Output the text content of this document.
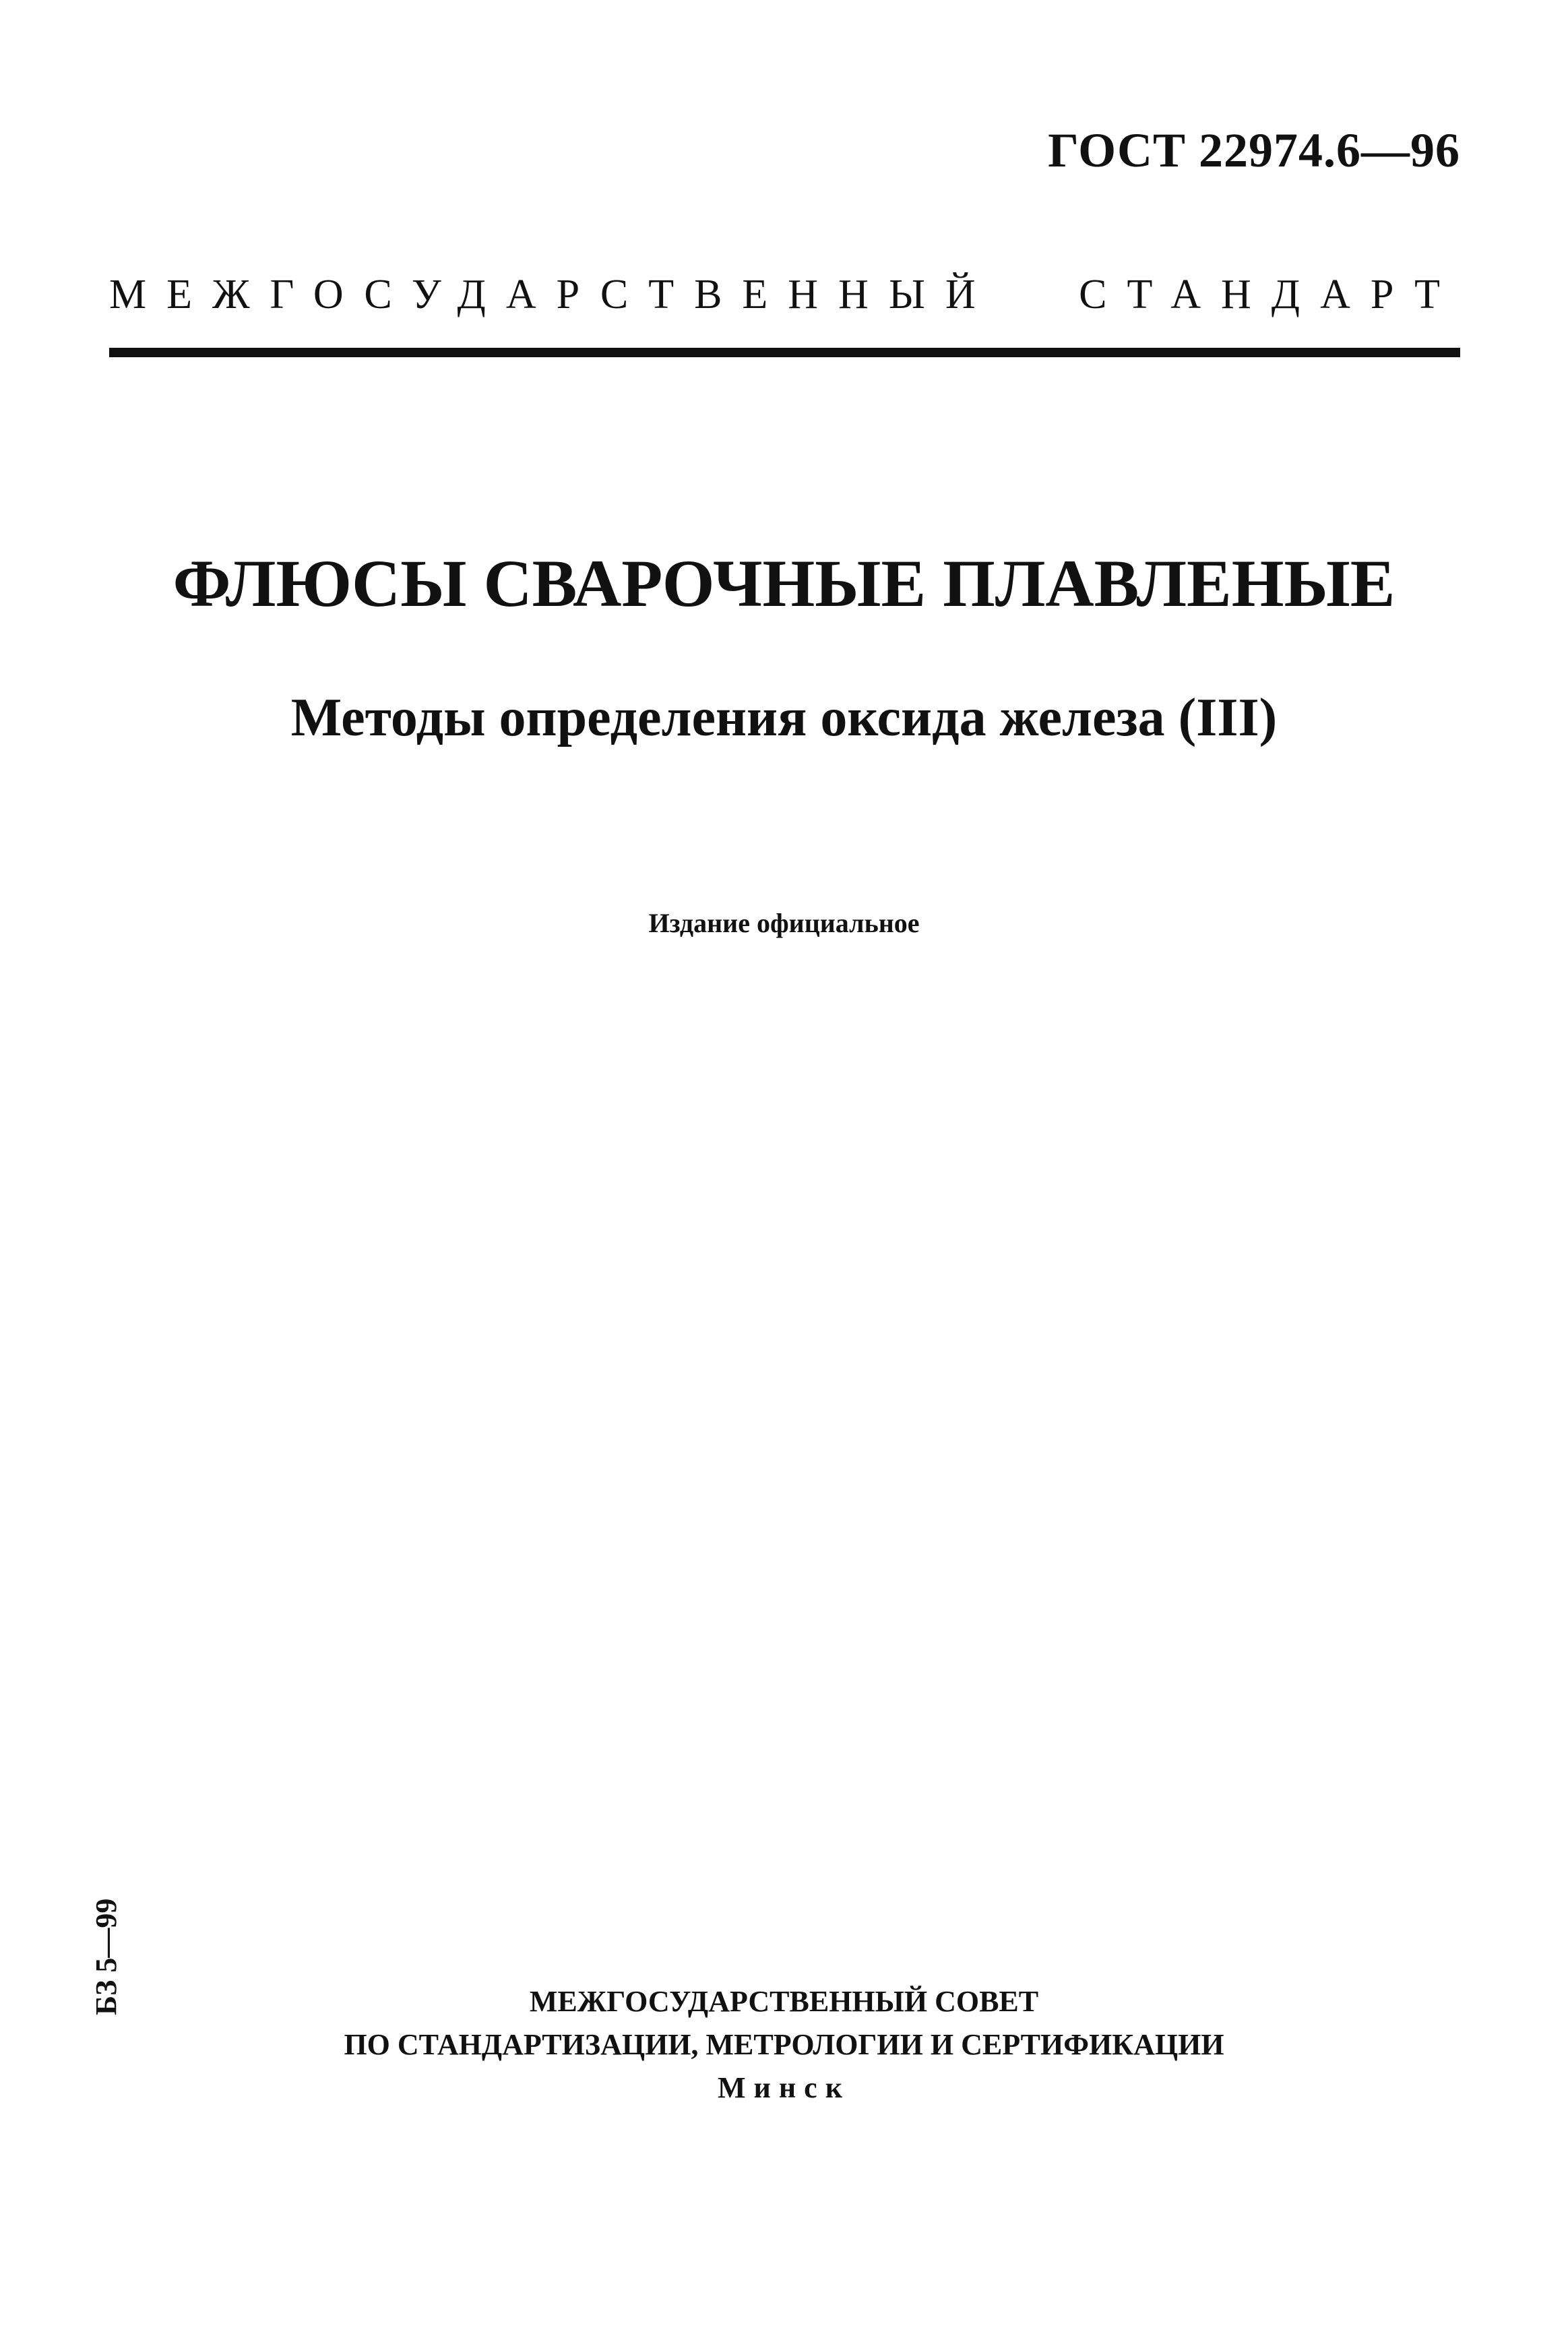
ГОСТ 22974.6—96
МЕЖГОСУДАРСТВЕННЫЙ СТАНДАРТ
ФЛЮСЫ СВАРОЧНЫЕ ПЛАВЛЕНЫЕ
Методы определения оксида железа (III)
Издание официальное
БЗ 5—99	МЕЖГОСУДАРСТВЕННЫЙ СОВЕТ
ПО СТАНДАРТИЗАЦИИ, МЕТРОЛОГИИ И СЕРТИФИКАЦИИ
Минск
